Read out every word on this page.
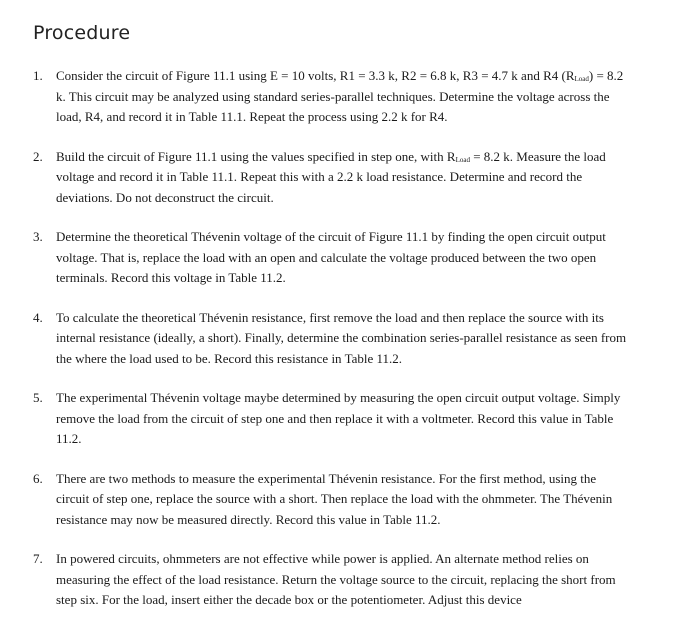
Procedure
1. Consider the circuit of Figure 11.1 using E = 10 volts, R1 = 3.3 k, R2 = 6.8 k, R3 = 4.7 k and R4 $(R_{Load}) = 8.2$ k. This circuit may be analyzed using standard series-parallel techniques. Determine the voltage across the load, R4, and record it in Table 11.1. Repeat the process using 2.2 k for R4.
2. Build the circuit of Figure 11.1 using the values specified in step one, with $R_{Load} = 8.2$ k. Measure the load voltage and record it in Table 11.1. Repeat this with a 2.2 k load resistance. Determine and record the deviations. Do not deconstruct the circuit.
3. Determine the theoretical Thévenin voltage of the circuit of Figure 11.1 by finding the open circuit output voltage. That is, replace the load with an open and calculate the voltage produced between the two open terminals. Record this voltage in Table 11.2.
4. To calculate the theoretical Thévenin resistance, first remove the load and then replace the source with its internal resistance (ideally, a short). Finally, determine the combination series-parallel resistance as seen from the where the load used to be. Record this resistance in Table 11.2.
5. The experimental Thévenin voltage maybe determined by measuring the open circuit output voltage. Simply remove the load from the circuit of step one and then replace it with a voltmeter. Record this value in Table 11.2.
6. There are two methods to measure the experimental Thévenin resistance. For the first method, using the circuit of step one, replace the source with a short. Then replace the load with the ohmmeter. The Thévenin resistance may now be measured directly. Record this value in Table 11.2.
7. In powered circuits, ohmmeters are not effective while power is applied. An alternate method relies on measuring the effect of the load resistance. Return the voltage source to the circuit, replacing the short from step six. For the load, insert either the decade box or the potentiometer. Adjust this device
